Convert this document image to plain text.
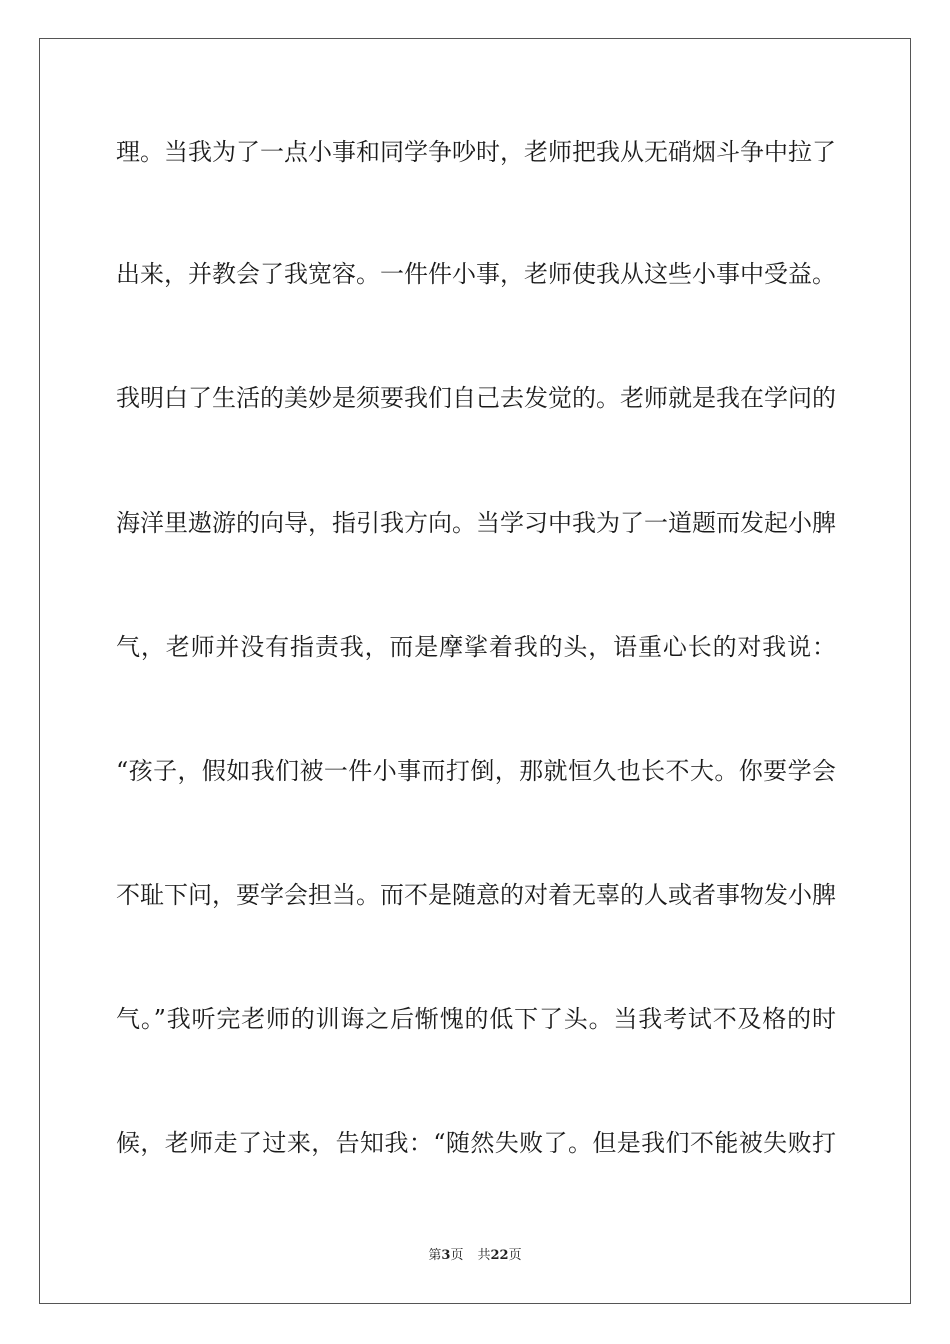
理。当我为了一点小事和同学争吵时，老师把我从无硝烟斗争中拉了
出来，并教会了我宽容。一件件小事，老师使我从这些小事中受益。
我明白了生活的美妙是须要我们自己去发觉的。老师就是我在学问的
海洋里遨游的向导，指引我方向。当学习中我为了一道题而发起小脾
气，老师并没有指责我，而是摩挲着我的头，语重心长的对我说：
“孩子，假如我们被一件小事而打倒，那就恒久也长不大。你要学会
不耻下问，要学会担当。而不是随意的对着无辜的人或者事物发小脾
气。”我听完老师的训诲之后惭愧的低下了头。当我考试不及格的时
候，老师走了过来，告知我：“随然失败了。但是我们不能被失败打
第3页 共22页
